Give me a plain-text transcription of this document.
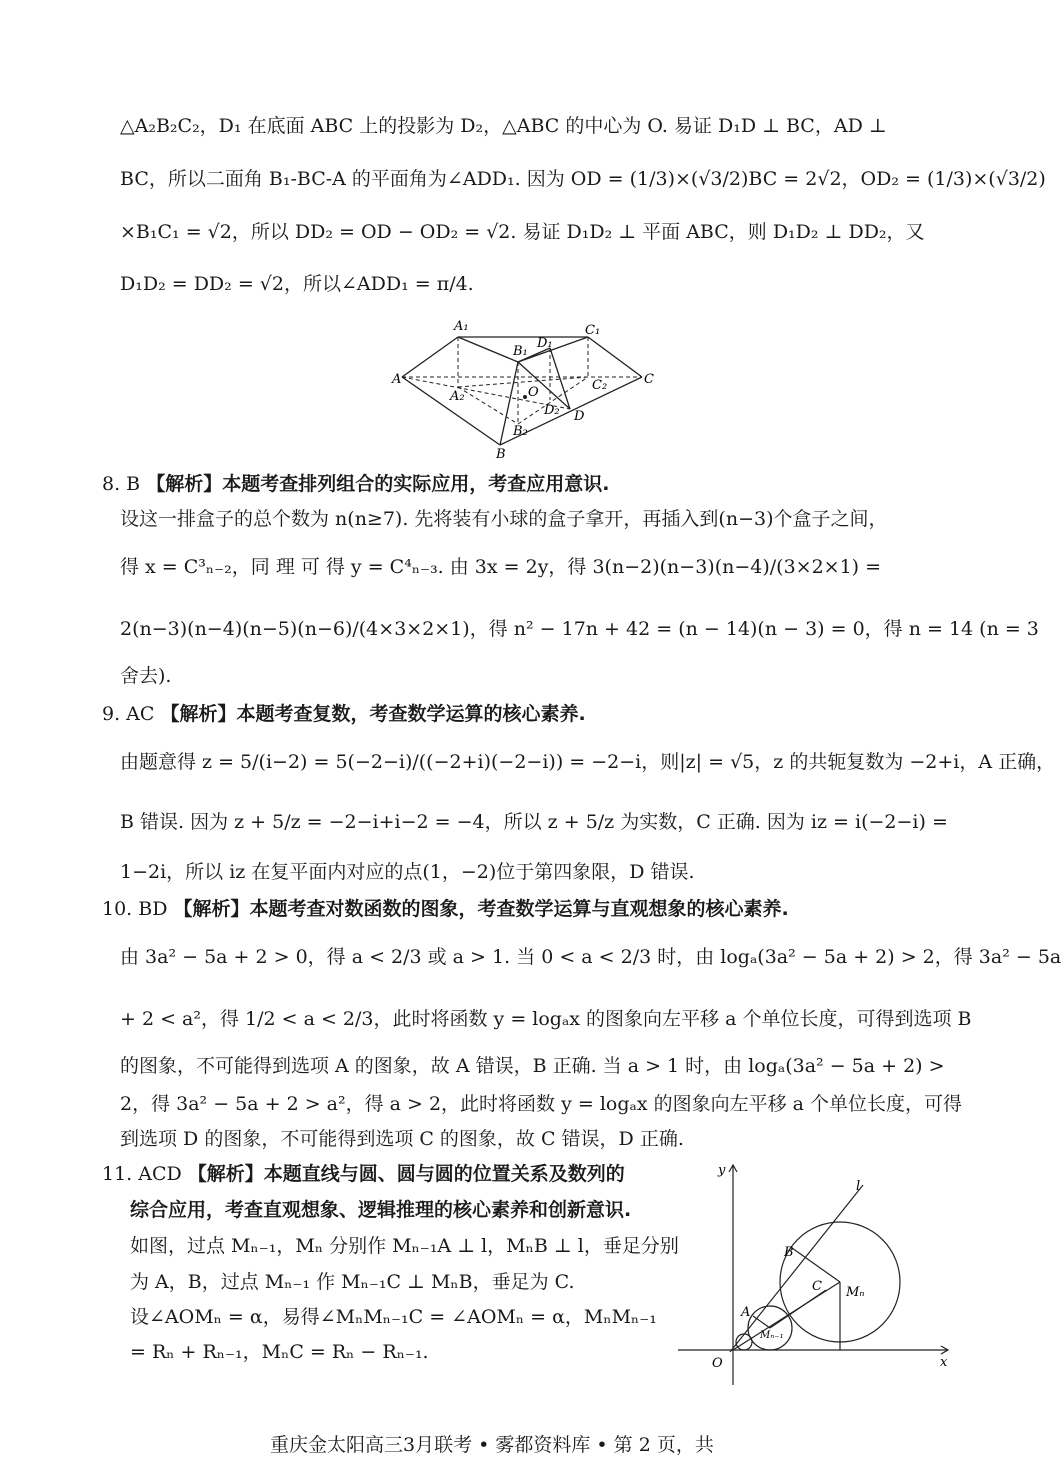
△A₂B₂C₂，D₁ 在底面 ABC 上的投影为 D₂，△ABC 的中心为 O. 易证 D₁D ⊥ BC，AD ⊥
BC，所以二面角 B₁-BC-A 的平面角为∠ADD₁. 因为 OD = (1/3)×(√3/2)BC = 2√2，OD₂ = (1/3)×(√3/2)
×B₁C₁ = √2，所以 DD₂ = OD − OD₂ = √2. 易证 D₁D₂ ⊥ 平面 ABC，则 D₁D₂ ⊥ DD₂，又
D₁D₂ = DD₂ = √2，所以∠ADD₁ = π/4.
A₁	C₁
B₁
D₁
A	C
C₂
A₂	O
D₂ D
B₂
B
8. B 【解析】本题考查排列组合的实际应用，考查应用意识.
设这一排盒子的总个数为 n(n≥7). 先将装有小球的盒子拿开，再插入到(n−3)个盒子之间，
得 x = C³ₙ₋₂，同 理 可 得 y = C⁴ₙ₋₃. 由 3x = 2y，得 3(n−2)(n−3)(n−4)/(3×2×1) =
2(n−3)(n−4)(n−5)(n−6)/(4×3×2×1)，得 n² − 17n + 42 = (n − 14)(n − 3) = 0，得 n = 14 (n = 3
舍去).
9. AC 【解析】本题考查复数，考查数学运算的核心素养.
由题意得 z = 5/(i−2) = 5(−2−i)/((−2+i)(−2−i)) = −2−i，则|z| = √5，z 的共轭复数为 −2+i，A 正确，
B 错误. 因为 z + 5/z = −2−i+i−2 = −4，所以 z + 5/z 为实数，C 正确. 因为 iz = i(−2−i) =
1−2i，所以 iz 在复平面内对应的点(1，−2)位于第四象限，D 错误.
10. BD 【解析】本题考查对数函数的图象，考查数学运算与直观想象的核心素养.
由 3a² − 5a + 2 > 0，得 a < 2/3 或 a > 1. 当 0 < a < 2/3 时，由 logₐ(3a² − 5a + 2) > 2，得 3a² − 5a
+ 2 < a²，得 1/2 < a < 2/3，此时将函数 y = logₐx 的图象向左平移 a 个单位长度，可得到选项 B
的图象，不可能得到选项 A 的图象，故 A 错误，B 正确. 当 a > 1 时，由 logₐ(3a² − 5a + 2) >
2，得 3a² − 5a + 2 > a²，得 a > 2，此时将函数 y = logₐx 的图象向左平移 a 个单位长度，可得
到选项 D 的图象，不可能得到选项 C 的图象，故 C 错误，D 正确.
11. ACD 【解析】本题直线与圆、圆与圆的位置关系及数列的
综合应用，考查直观想象、逻辑推理的核心素养和创新意识.
如图，过点 Mₙ₋₁，Mₙ 分别作 Mₙ₋₁A ⊥ l，MₙB ⊥ l，垂足分别
为 A，B，过点 Mₙ₋₁ 作 Mₙ₋₁C ⊥ MₙB，垂足为 C.
设∠AOMₙ = α，易得∠MₙMₙ₋₁C = ∠AOMₙ = α，MₙMₙ₋₁
= Rₙ + Rₙ₋₁，MₙC = Rₙ − Rₙ₋₁.
y
l
B
C Mₙ
A
Mₙ₋₁
O	x
重庆金太阳高三3月联考 • 雾都资料库 • 第 2 页，共
